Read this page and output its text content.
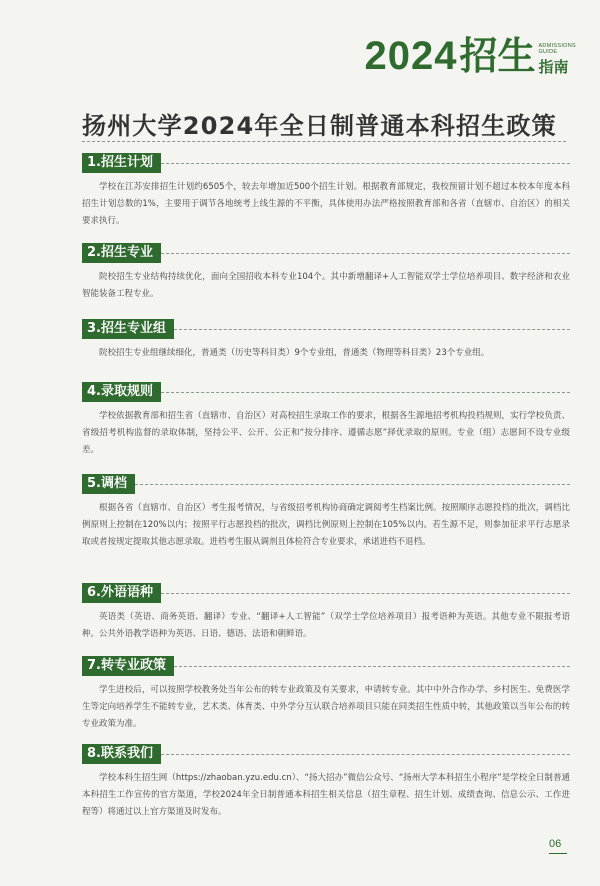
2024 招生 ADMISSIONS
GUIDE
指南
扬州大学2024年全日制普通本科招生政策
1.招生计划

学校在江苏安排招生计划约6505个，较去年增加近500个招生计划。根据教育部规定，我校预留计划不超过本校本年度本科招生计划总数的1%，主要用于调节各地统考上线生源的不平衡，具体使用办法严格按照教育部和各省（直辖市、自治区）的相关要求执行。

2.招生专业

院校招生专业结构持续优化，面向全国招收本科专业104个。其中新增翻译+人工智能双学士学位培养项目、数字经济和农业智能装备工程专业。

3.招生专业组

院校招生专业组继续细化，普通类（历史等科目类）9个专业组，普通类（物理等科目类）23个专业组。

4.录取规则

学校依据教育部和招生省（直辖市、自治区）对高校招生录取工作的要求，根据各生源地招考机构投档规则，实行学校负责、省级招考机构监督的录取体制，坚持公平、公开、公正和“按分排序、遵循志愿”择优录取的原则。专业（组）志愿间不设专业级差。

5.调档

根据各省（直辖市、自治区）考生报考情况，与省级招考机构协商确定调阅考生档案比例。按照顺序志愿投档的批次，调档比例原则上控制在120%以内；按照平行志愿投档的批次，调档比例原则上控制在105%以内。若生源不足，则参加征求平行志愿录取或者按规定提取其他志愿录取。进档考生服从调剂且体检符合专业要求，承诺进档不退档。

6.外语语种

英语类（英语、商务英语、翻译）专业、“翻译+人工智能”（双学士学位培养项目）报考语种为英语。其他专业不限报考语种。公共外语教学语种为英语、日语、德语、法语和朝鲜语。

7.转专业政策

学生进校后，可以按照学校教务处当年公布的转专业政策及有关要求，申请转专业。其中中外合作办学、乡村医生、免费医学生等定向培养学生不能转专业，艺术类、体育类、中外学分互认联合培养项目只能在同类招生性质中转，其他政策以当年公布的转专业政策为准。

8.联系我们

学校本科生招生网（https://zhaoban.yzu.edu.cn）、“扬大招办”微信公众号、“扬州大学本科招生小程序”是学校全日制普通本科招生工作宣传的官方渠道，学校2024年全日制普通本科招生相关信息（招生章程、招生计划、成绩查询、信息公示、工作进程等）将通过以上官方渠道及时发布。

06
